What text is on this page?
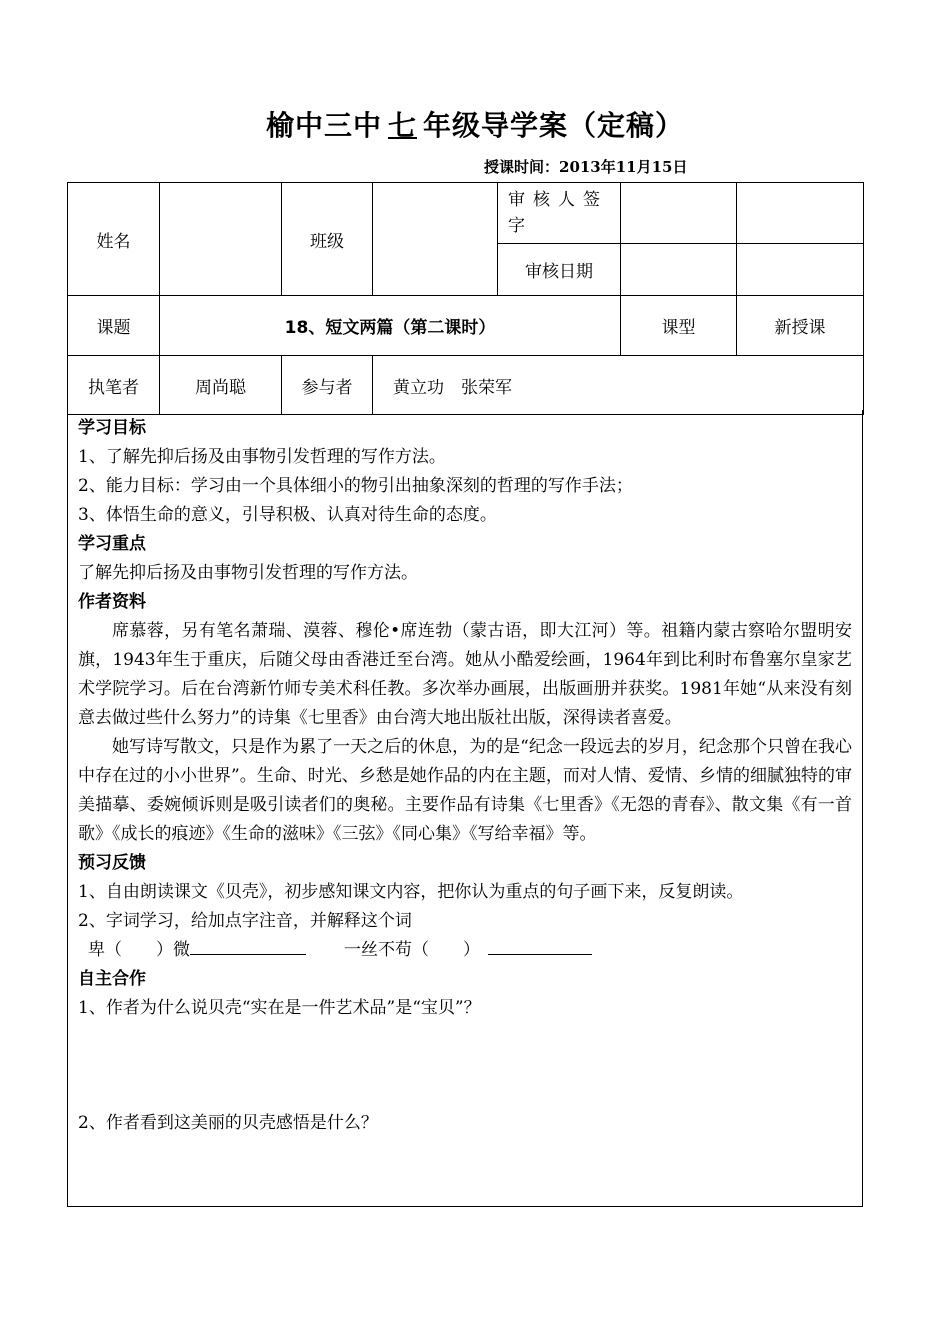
榆中三中 七 年级导学案（定稿）
授课时间：2013年11月15日
姓名		班级		审核人签字		
				审核日期		
课题	18、短文两篇（第二课时）				课型	新授课
执笔者	周尚聪	参与者	黄立功　张荣军			

学习目标

1、了解先抑后扬及由事物引发哲理的写作方法。

2、能力目标：学习由一个具体细小的物引出抽象深刻的哲理的写作手法；

3、体悟生命的意义，引导积极、认真对待生命的态度。

学习重点

了解先抑后扬及由事物引发哲理的写作方法。

作者资料

席慕蓉，另有笔名萧瑞、漠蓉、穆伦•席连勃（蒙古语，即大江河）等。祖籍内蒙古察哈尔盟明安旗，1943年生于重庆，后随父母由香港迁至台湾。她从小酷爱绘画，1964年到比利时布鲁塞尔皇家艺术学院学习。后在台湾新竹师专美术科任教。多次举办画展，出版画册并获奖。1981年她“从来没有刻意去做过些什么努力”的诗集《七里香》由台湾大地出版社出版，深得读者喜爱。

她写诗写散文，只是作为累了一天之后的休息，为的是“纪念一段远去的岁月，纪念那个只曾在我心中存在过的小小世界”。生命、时光、乡愁是她作品的内在主题，而对人情、爱情、乡情的细腻独特的审美描摹、委婉倾诉则是吸引读者们的奥秘。主要作品有诗集《七里香》《无怨的青春》、散文集《有一首歌》《成长的痕迹》《生命的滋味》《三弦》《同心集》《写给幸福》等。

预习反馈

1、自由朗读课文《贝壳》，初步感知课文内容，把你认为重点的句子画下来，反复朗读。

2、字词学习，给加点字注音，并解释这个词

卑（　　）微	一丝不苟（　　）

自主合作

1、作者为什么说贝壳“实在是一件艺术品”是“宝贝”？

2、作者看到这美丽的贝壳感悟是什么？
